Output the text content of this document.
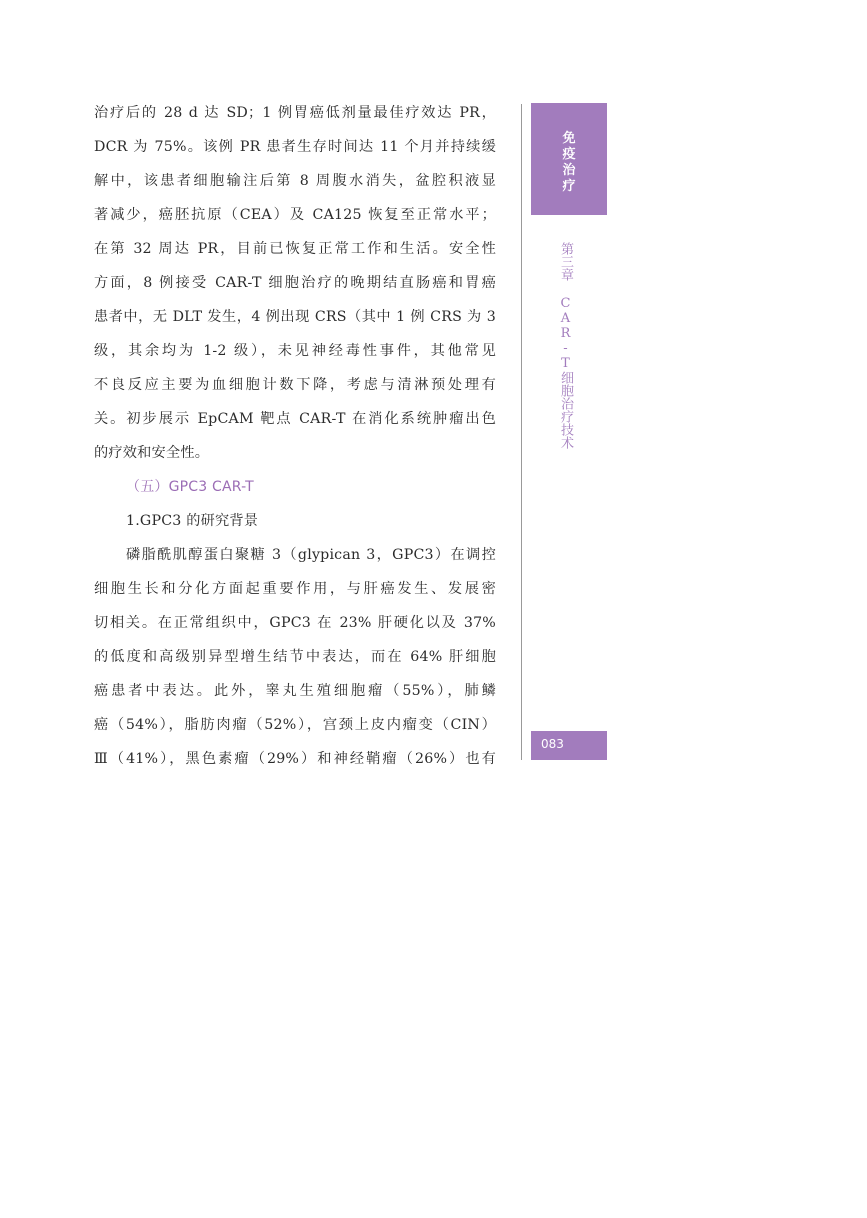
治疗后的 28 d 达 SD；1 例胃癌低剂量最佳疗效达 PR，
DCR 为 75%。该例 PR 患者生存时间达 11 个月并持续缓
解中，该患者细胞输注后第 8 周腹水消失，盆腔积液显
著减少，癌胚抗原（CEA）及 CA125 恢复至正常水平；
在第 32 周达 PR，目前已恢复正常工作和生活。安全性
方面，8 例接受 CAR-T 细胞治疗的晚期结直肠癌和胃癌
患者中，无 DLT 发生，4 例出现 CRS（其中 1 例 CRS 为 3
级，其余均为 1-2 级），未见神经毒性事件，其他常见
不良反应主要为血细胞计数下降，考虑与清淋预处理有
关。初步展示 EpCAM 靶点 CAR-T 在消化系统肿瘤出色
的疗效和安全性。
（五）GPC3 CAR-T
1.GPC3 的研究背景
磷脂酰肌醇蛋白聚糖 3（glypican 3，GPC3）在调控
细胞生长和分化方面起重要作用，与肝癌发生、发展密
切相关。在正常组织中，GPC3 在 23% 肝硬化以及 37%
的低度和高级别异型增生结节中表达，而在 64% 肝细胞
癌患者中表达。此外，睾丸生殖细胞瘤（55%），肺鳞
癌（54%），脂肪肉瘤（52%），宫颈上皮内瘤变（CIN）
Ⅲ（41%），黑色素瘤（29%）和神经鞘瘤（26%）也有
免疫治疗
第三章 CAR-T细胞治疗技术
083
